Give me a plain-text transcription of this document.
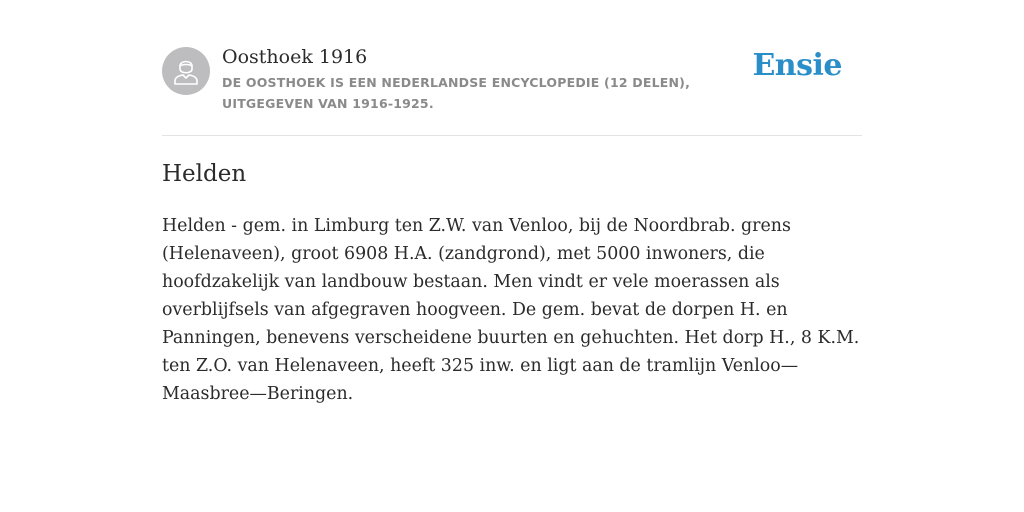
Oosthoek 1916
DE OOSTHOEK IS EEN NEDERLANDSE ENCYCLOPEDIE (12 DELEN), UITGEGEVEN VAN 1916-1925.
Ensie
Helden

Helden - gem. in Limburg ten Z.W. van Venloo, bij de Noordbrab. grens (Helenaveen), groot 6908 H.A. (zandgrond), met 5000 inwoners, die hoofdzakelijk van landbouw bestaan. Men vindt er vele moerassen als overblijfsels van afgegraven hoogveen. De gem. bevat de dorpen H. en Panningen, benevens verscheidene buurten en gehuchten. Het dorp H., 8 K.M. ten Z.O. van Helenaveen, heeft 325 inw. en ligt aan de tramlijn Venloo—Maasbree—Beringen.
